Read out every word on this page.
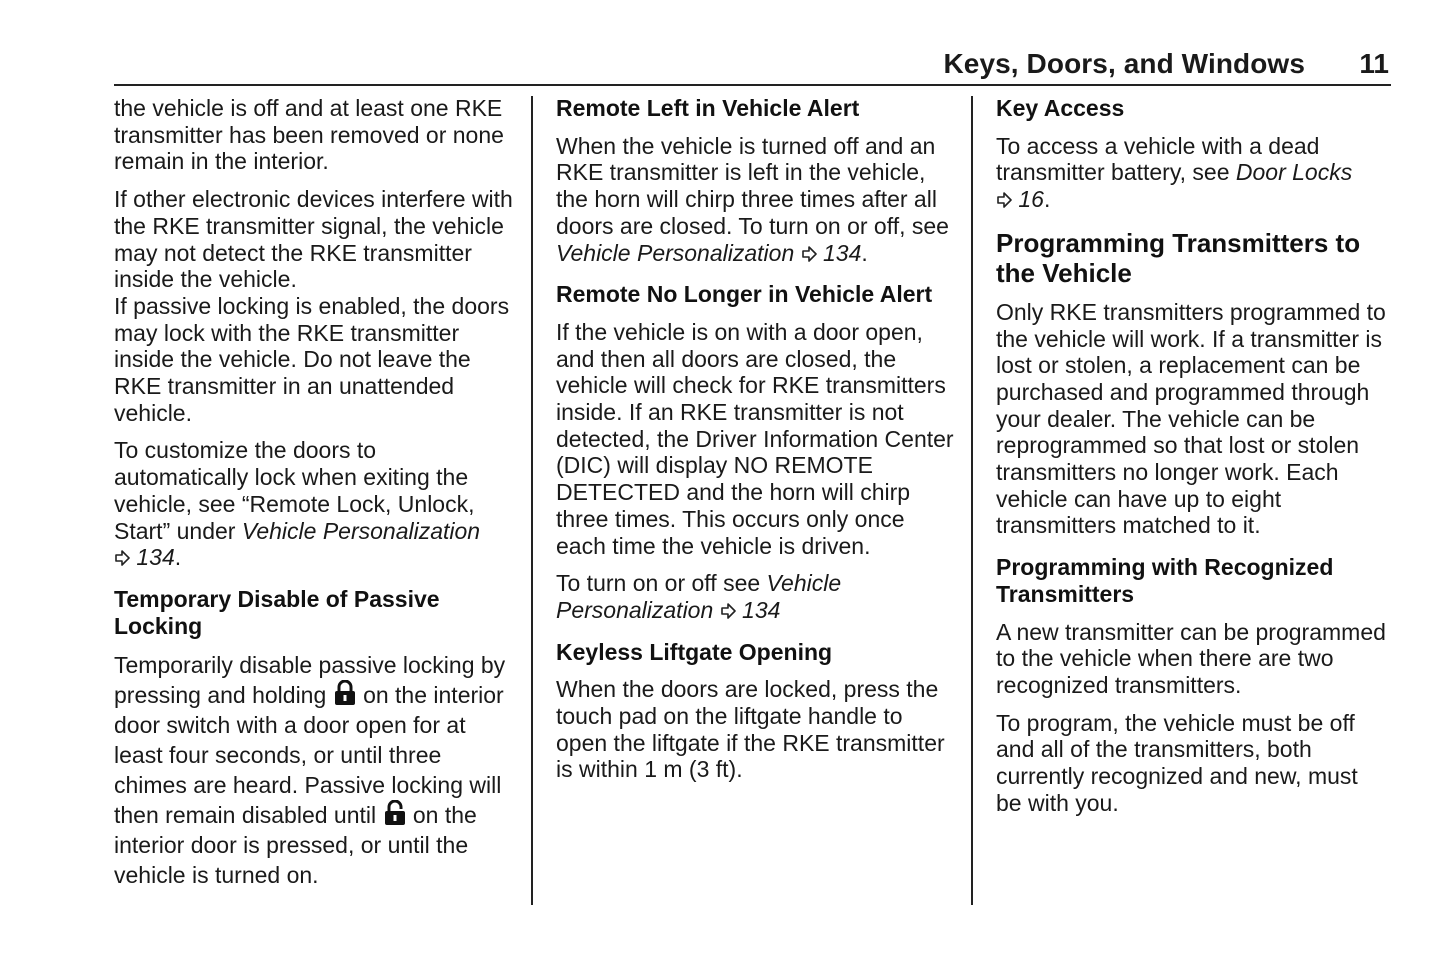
Keys, Doors, and Windows 11

the vehicle is off and at least one RKE transmitter has been removed or none remain in the interior.

If other electronic devices interfere with the RKE transmitter signal, the vehicle may not detect the RKE transmitter inside the vehicle.

If passive locking is enabled, the doors may lock with the RKE transmitter inside the vehicle. Do not leave the RKE transmitter in an unattended vehicle.

To customize the doors to automatically lock when exiting the vehicle, see “Remote Lock, Unlock, Start” under Vehicle Personalization
134.

Temporary Disable of Passive Locking

Temporarily disable passive locking by pressing and holding on the interior door switch with a door open for at least four seconds, or until three chimes are heard. Passive locking will then remain disabled until on the interior door is pressed, or until the vehicle is turned on.

Remote Left in Vehicle Alert

When the vehicle is turned off and an RKE transmitter is left in the vehicle, the horn will chirp three times after all doors are closed. To turn on or off, see Vehicle Personalization 134.

Remote No Longer in Vehicle Alert

If the vehicle is on with a door open, and then all doors are closed, the vehicle will check for RKE transmitters inside. If an RKE transmitter is not detected, the Driver Information Center (DIC) will display NO REMOTE DETECTED and the horn will chirp three times. This occurs only once each time the vehicle is driven.

To turn on or off see Vehicle Personalization 134

Keyless Liftgate Opening

When the doors are locked, press the touch pad on the liftgate handle to open the liftgate if the RKE transmitter is within 1 m (3 ft).

Key Access

To access a vehicle with a dead transmitter battery, see Door Locks
16.

Programming Transmitters to the Vehicle

Only RKE transmitters programmed to the vehicle will work. If a transmitter is lost or stolen, a replacement can be purchased and programmed through your dealer. The vehicle can be reprogrammed so that lost or stolen transmitters no longer work. Each vehicle can have up to eight transmitters matched to it.

Programming with Recognized Transmitters

A new transmitter can be programmed to the vehicle when there are two recognized transmitters.

To program, the vehicle must be off and all of the transmitters, both currently recognized and new, must be with you.
